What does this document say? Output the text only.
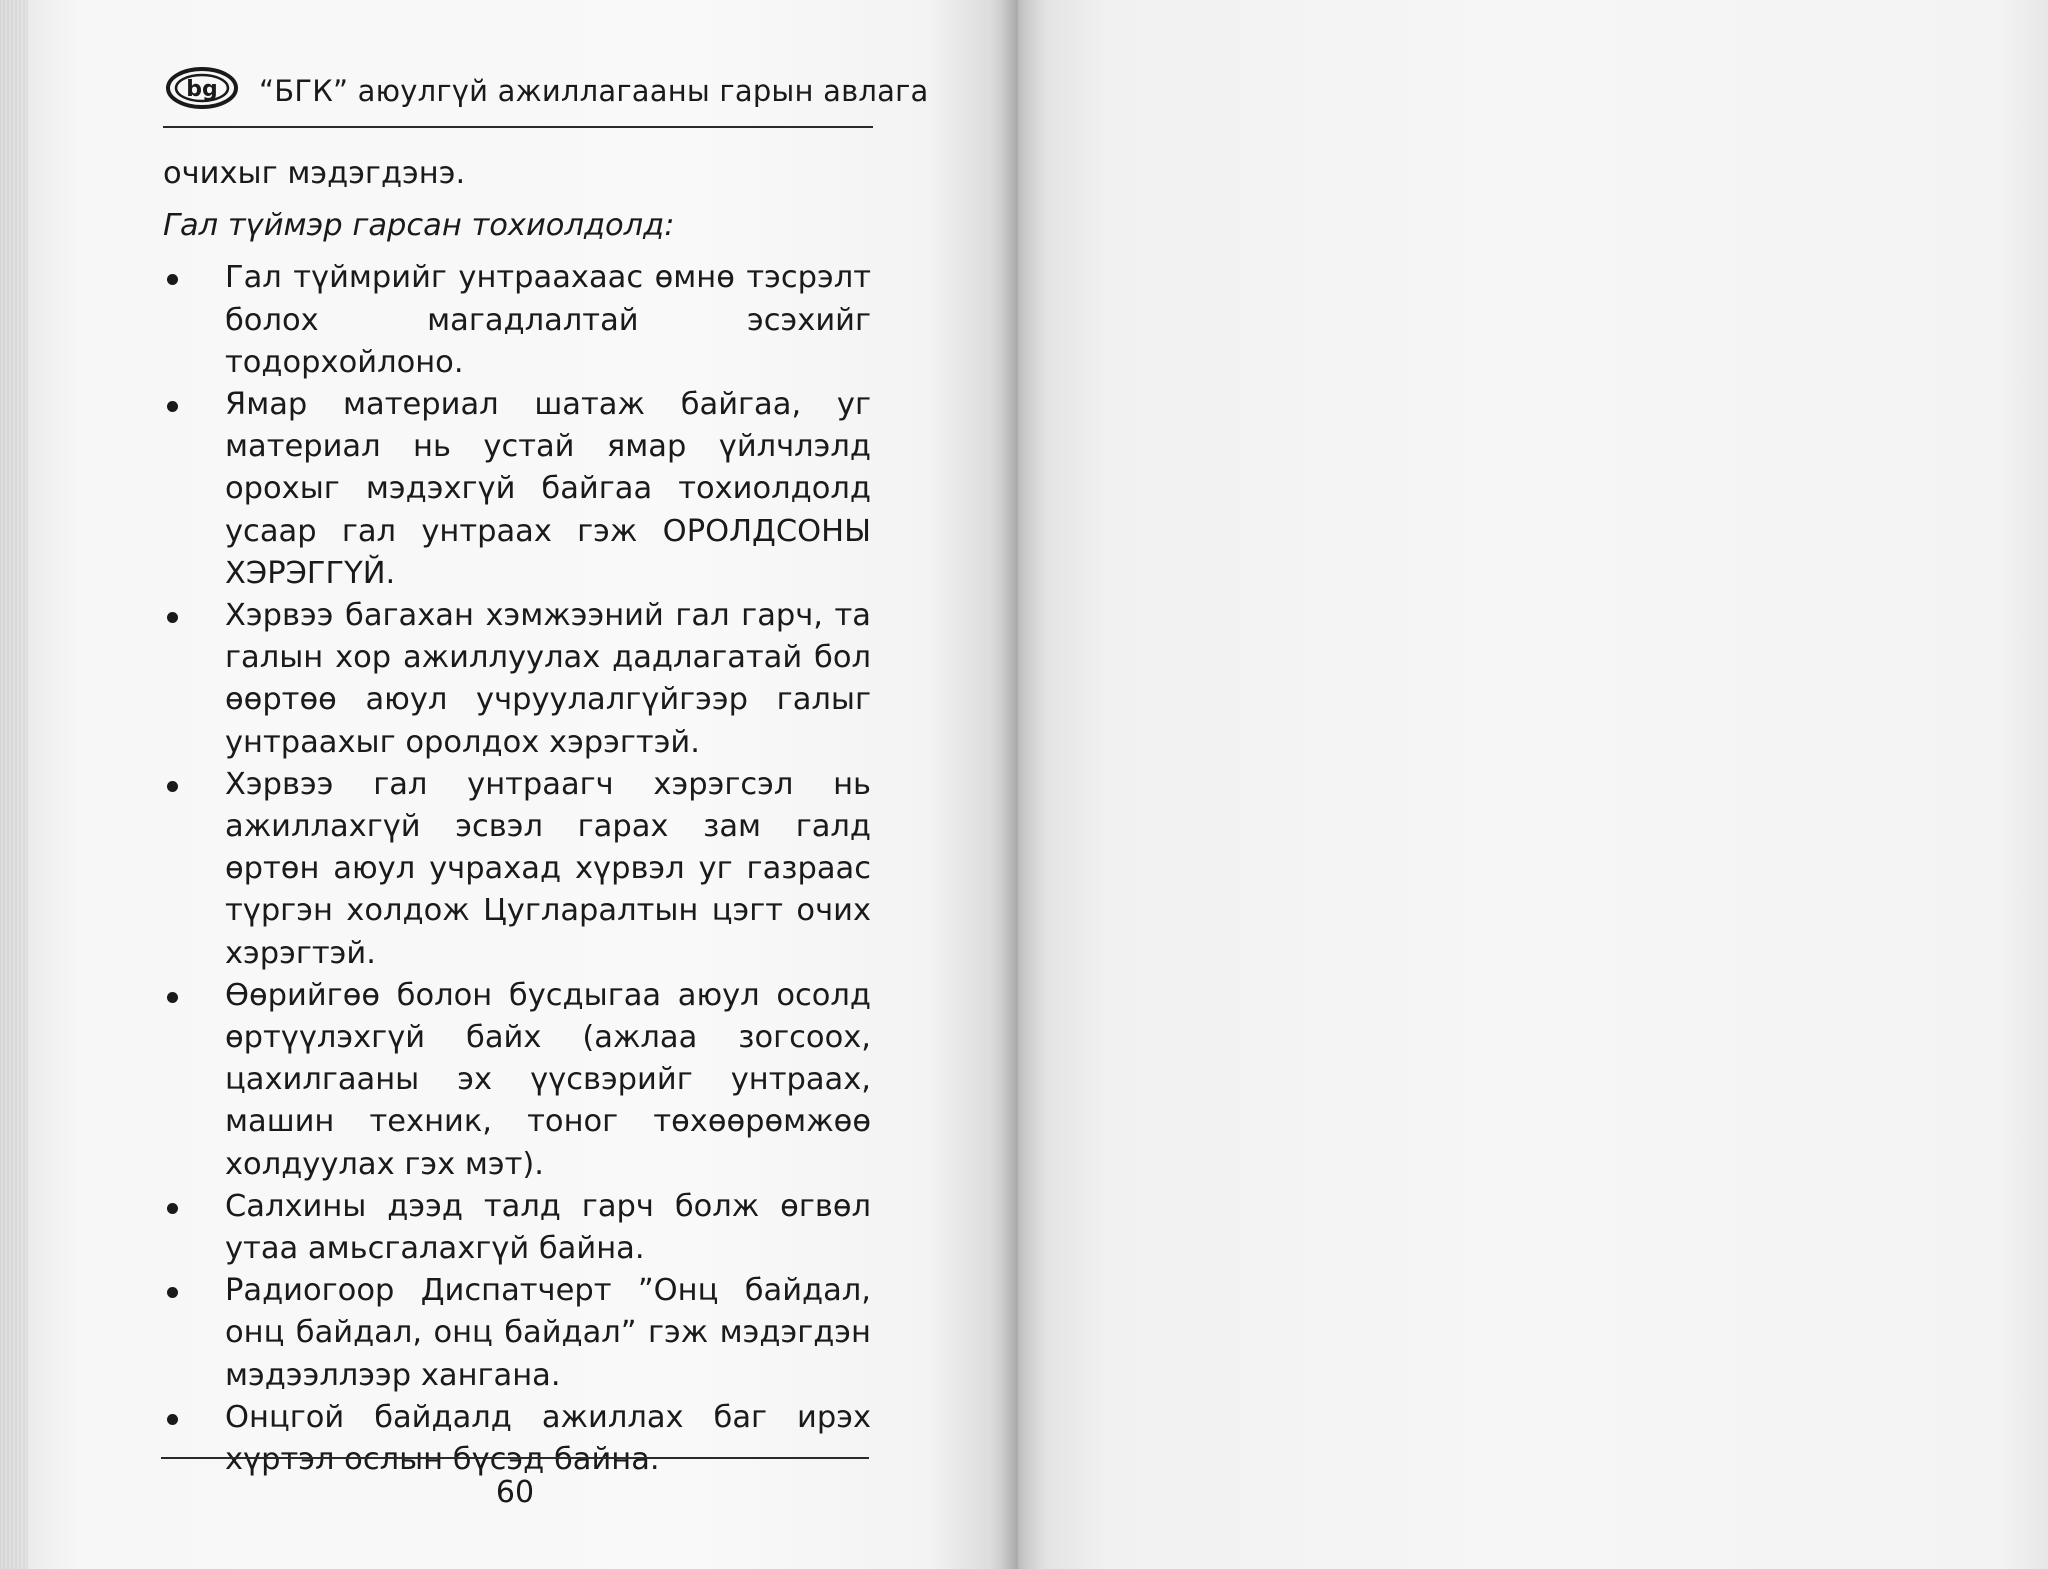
bg “БГК” аюулгүй ажиллагааны гарын авлага
очихыг мэдэгдэнэ.
Гал түймэр гарсан тохиолдолд:
Гал түймрийг унтраахаас өмнө тэсрэлт болох магадлалтай эсэхийг тодорхойлоно.
Ямар материал шатаж байгаа, уг материал нь устай ямар үйлчлэлд орохыг мэдэхгүй байгаа тохиолдолд усаар гал унтраах гэж ОРОЛДСОНЫ ХЭРЭГГҮЙ.
Хэрвээ багахан хэмжээний гал гарч, та галын хор ажиллуулах дадлагатай бол өөртөө аюул учруулалгүйгээр галыг унтраахыг оролдох хэрэгтэй.
Хэрвээ гал унтраагч хэрэгсэл нь ажиллахгүй эсвэл гарах зам галд өртөн аюул учрахад хүрвэл уг газраас түргэн холдож Цугларалтын цэгт очих хэрэгтэй.
Өөрийгөө болон бусдыгаа аюул осолд өртүүлэхгүй байх (ажлаа зогсоох, цахилгааны эх үүсвэрийг унтраах, машин техник, тоног төхөөрөмжөө холдуулах гэх мэт).
Салхины дээд талд гарч болж өгвөл утаа амьсгалахгүй байна.
Радиогоор Диспатчерт ”Онц байдал, онц байдал, онц байдал” гэж мэдэгдэн мэдээллээр хангана.
Онцгой байдалд ажиллах баг ирэх хүртэл ослын бүсэд байна.
60
